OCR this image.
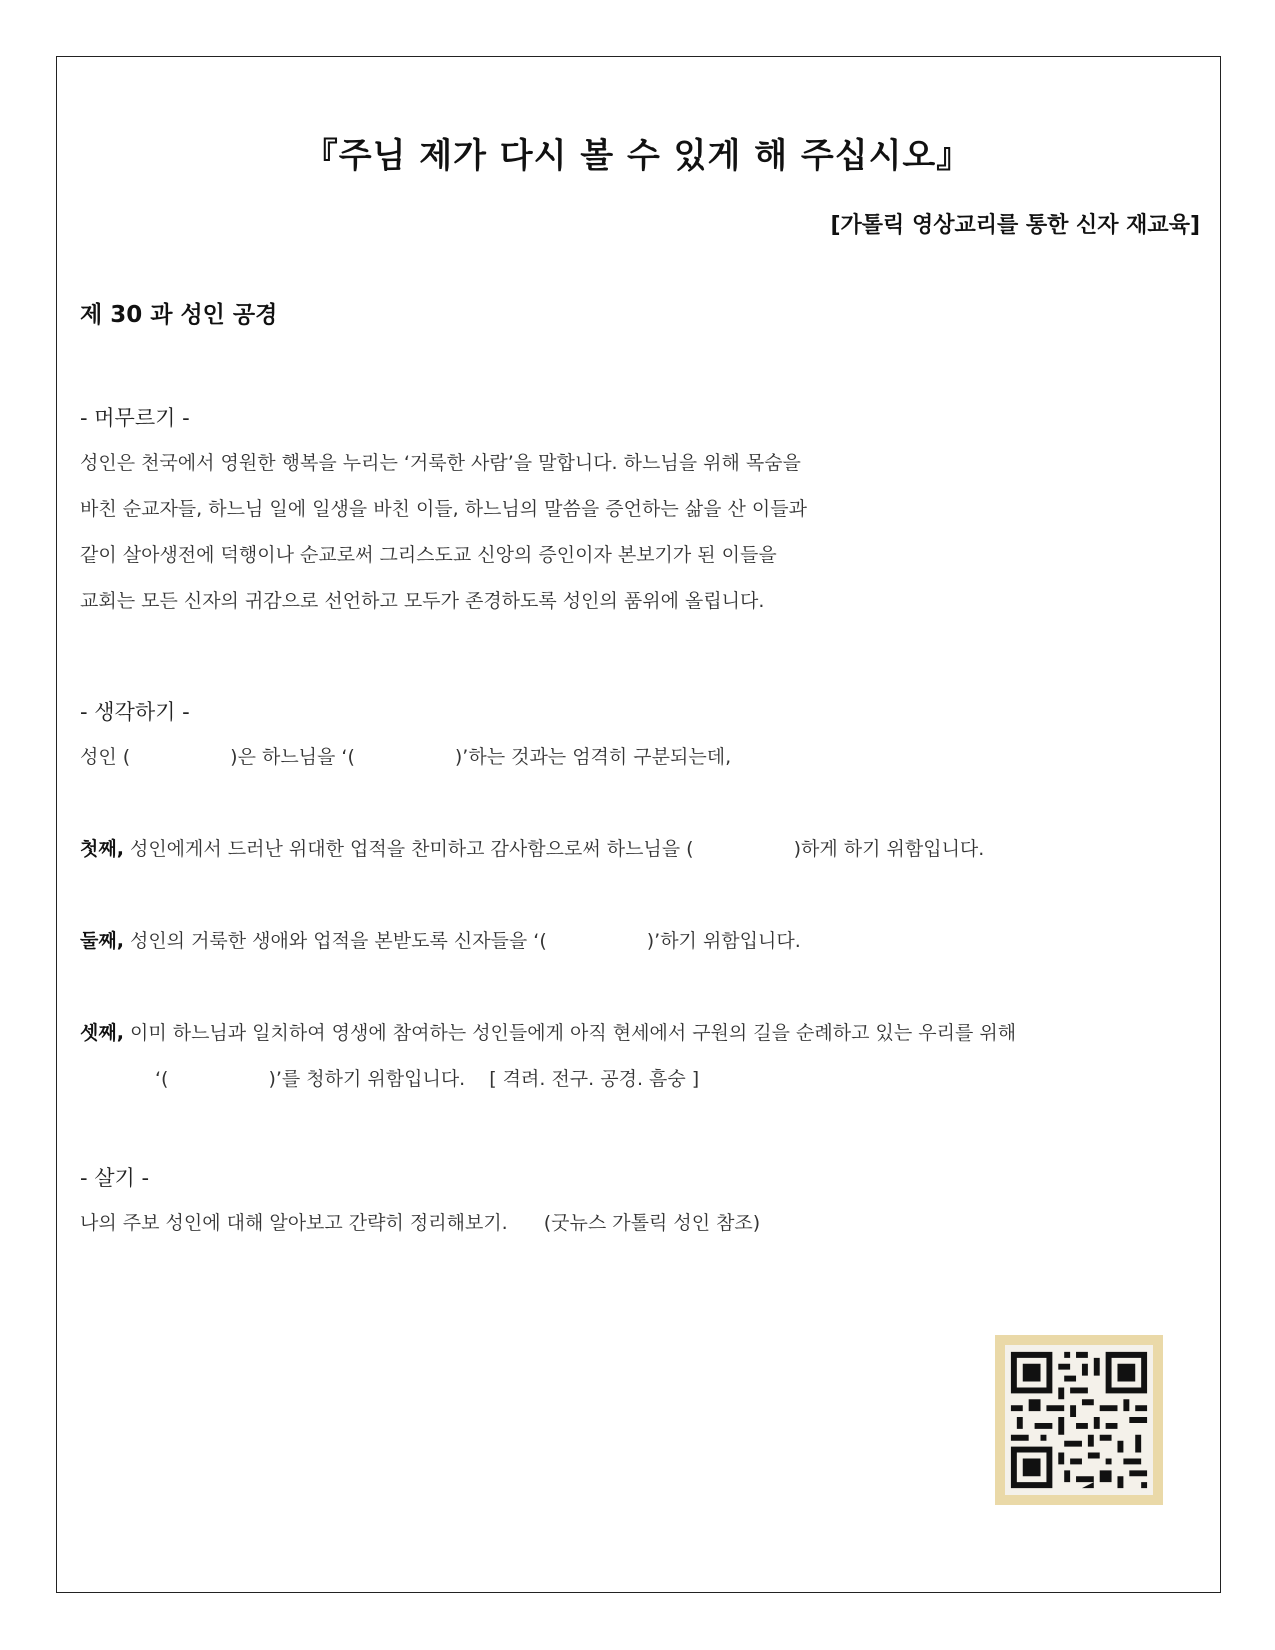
『주님 제가 다시 볼 수 있게 해 주십시오』
[가톨릭 영상교리를 통한 신자 재교육]
제 30 과 성인 공경
- 머무르기 -
성인은 천국에서 영원한 행복을 누리는 ‘거룩한 사람’을 말합니다. 하느님을 위해 목숨을
바친 순교자들, 하느님 일에 일생을 바친 이들, 하느님의 말씀을 증언하는 삶을 산 이들과
같이 살아생전에 덕행이나 순교로써 그리스도교 신앙의 증인이자 본보기가 된 이들을
교회는 모든 신자의 귀감으로 선언하고 모두가 존경하도록 성인의 품위에 올립니다.
- 생각하기 -
성인 (	)은 하느님을 ‘(	)’하는 것과는 엄격히 구분되는데,
첫째, 성인에게서 드러난 위대한 업적을 찬미하고 감사함으로써 하느님을 (	)하게 하기 위함입니다.
둘째, 성인의 거룩한 생애와 업적을 본받도록 신자들을 ‘(	)’하기 위함입니다.
셋째, 이미 하느님과 일치하여 영생에 참여하는 성인들에게 아직 현세에서 구원의 길을 순례하고 있는 우리를 위해
‘(	)’를 청하기 위함입니다. [ 격려. 전구. 공경. 흠숭 ]
- 살기 -
나의 주보 성인에 대해 알아보고 간략히 정리해보기. (굿뉴스 가톨릭 성인 참조)
